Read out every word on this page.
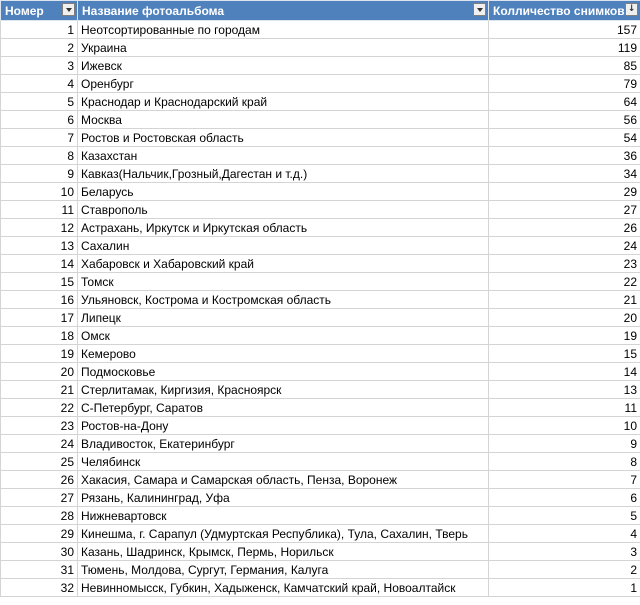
Номер	Название фотоальбома	Колличество снимков ↓

1	Неотсортированные по городам	157
2	Украина	119
3	Ижевск	85
4	Оренбург	79
5	Краснодар и Краснодарский край	64
6	Москва	56
7	Ростов и Ростовская область	54
8	Казахстан	36
9	Кавказ(Нальчик,Грозный,Дагестан и т.д.)	34
10	Беларусь	29
11	Ставрополь	27
12	Астрахань, Иркутск и Иркутская область	26
13	Сахалин	24
14	Хабаровск и Хабаровский край	23
15	Томск	22
16	Ульяновск, Кострома и Костромская область	21
17	Липецк	20
18	Омск	19
19	Кемерово	15
20	Подмосковье	14
21	Стерлитамак, Киргизия, Красноярск	13
22	С-Петербург, Саратов	11
23	Ростов-на-Дону	10
24	Владивосток, Екатеринбург	9
25	Челябинск	8
26	Хакасия, Самара и Самарская область, Пенза, Воронеж	7
27	Рязань, Калининград, Уфа	6
28	Нижневартовск	5
29	Кинешма, г. Сарапул (Удмуртская Республика), Тула, Сахалин, Тверь	4
30	Казань, Шадринск, Крымск, Пермь, Норильск	3
31	Тюмень, Молдова, Сургут, Германия, Калуга	2
32	Невинномысск, Губкин, Хадыженск, Камчатский край, Новоалтайск	1
